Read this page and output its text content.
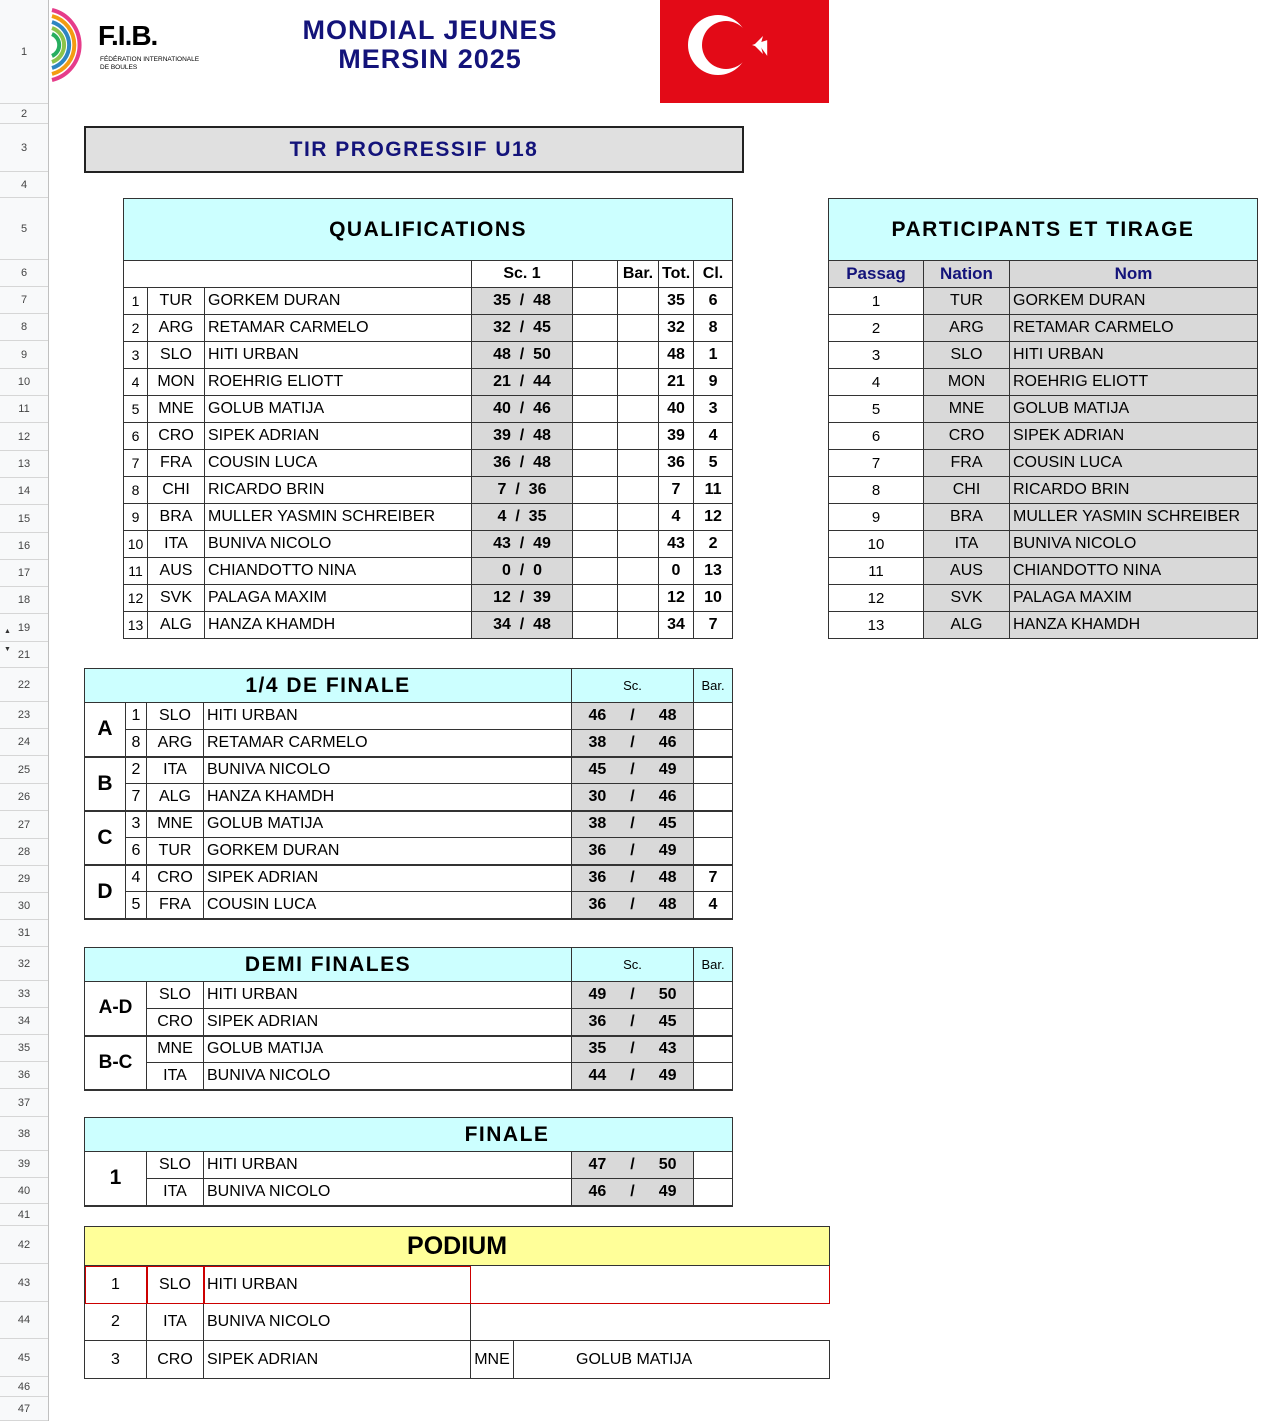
1
2
3
4
5
6
7
8
9
10
11
12
13
14
15
16
17
18
19
21
22
23
24
25
26
27
28
29
30
31
32
33
34
35
36
37
38
39
40
41
42
43
44
45
46
47
▲
▼
F.I.B.
FÉDÉRATION INTERNATIONALE
DE BOULES
MONDIAL JEUNES
MERSIN 2025
TIR PROGRESSIF U18
QUALIFICATIONS							
			Sc. 1		Bar.	Tot.	Cl.
1	TUR	GORKEM DURAN	35  /  48			35	6
2	ARG	RETAMAR CARMELO	32  /  45			32	8
3	SLO	HITI URBAN	48  /  50			48	1
4	MON	ROEHRIG ELIOTT	21  /  44			21	9
5	MNE	GOLUB MATIJA	40  /  46			40	3
6	CRO	SIPEK ADRIAN	39  /  48			39	4
7	FRA	COUSIN LUCA	36  /  48			36	5
8	CHI	RICARDO BRIN	7  /  36			7	11
9	BRA	MULLER YASMIN SCHREIBER	4  /  35			4	12
10	ITA	BUNIVA NICOLO	43  /  49			43	2
11	AUS	CHIANDOTTO NINA	0  /  0			0	13
12	SVK	PALAGA MAXIM	12  /  39			12	10
13	ALG	HANZA KHAMDH	34  /  48			34	7
PARTICIPANTS ET TIRAGE		
Passag	Nation	Nom
1	TUR	GORKEM DURAN
2	ARG	RETAMAR CARMELO
3	SLO	HITI URBAN
4	MON	ROEHRIG ELIOTT
5	MNE	GOLUB MATIJA
6	CRO	SIPEK ADRIAN
7	FRA	COUSIN LUCA
8	CHI	RICARDO BRIN
9	BRA	MULLER YASMIN SCHREIBER
10	ITA	BUNIVA NICOLO
11	AUS	CHIANDOTTO NINA
12	SVK	PALAGA MAXIM
13	ALG	HANZA KHAMDH
1/4 DE FINALE				Sc.	Bar.
A	1	SLO	HITI URBAN	46 / 48	
	8	ARG	RETAMAR CARMELO	38 / 46	
B	2	ITA	BUNIVA NICOLO	45 / 49	
	7	ALG	HANZA KHAMDH	30 / 46	
C	3	MNE	GOLUB MATIJA	38 / 45	
	6	TUR	GORKEM DURAN	36 / 49	
D	4	CRO	SIPEK ADRIAN	36 / 48	7
	5	FRA	COUSIN LUCA	36 / 48	4
DEMI FINALES			Sc.	Bar.
A-D	SLO	HITI URBAN	49 / 50	
	CRO	SIPEK ADRIAN	36 / 45	
B-C	MNE	GOLUB MATIJA	35 / 43	
	ITA	BUNIVA NICOLO	44 / 49	
FINALE				
1	SLO	HITI URBAN	47 / 50	
	ITA	BUNIVA NICOLO	46 / 49	
PODIUM				
1	SLO	HITI URBAN		
2	ITA	BUNIVA NICOLO		
3	CRO	SIPEK ADRIAN	MNE	GOLUB MATIJA
